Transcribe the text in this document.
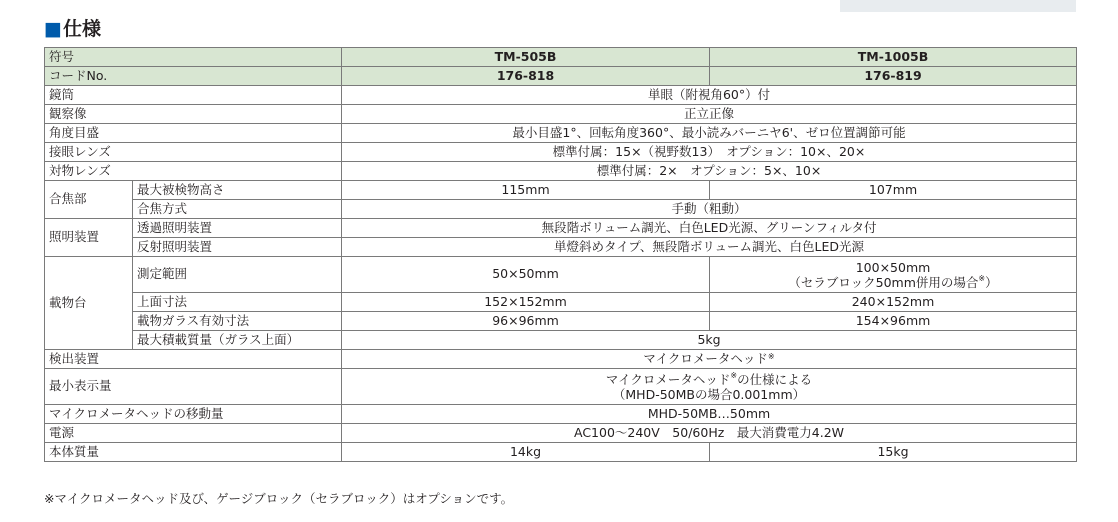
■仕様
符号		TM-505B	TM-1005B
コードNo.		176-818	176-819
鏡筒		単眼（附視角60°）付	
観察像		正立正像	
角度目盛		最小目盛1°、回転角度360°、最小読みバーニヤ6'、ゼロ位置調節可能	
接眼レンズ		標準付属：15×（視野数13）　オプション：10×、20×	
対物レンズ		標準付属：2×　オプション：5×、10×	
合焦部	最大被検物高さ	115mm	107mm
	合焦方式	手動（粗動）	
照明装置	透過照明装置	無段階ボリューム調光、白色LED光源、グリーンフィルタ付	
	反射照明装置	単燈斜めタイプ、無段階ボリューム調光、白色LED光源	
載物台	測定範囲	50×50mm	100×50mm
（セラブロック50mm併用の場合※）

	上面寸法	152×152mm	240×152mm
	載物ガラス有効寸法	96×96mm	154×96mm
	最大積載質量（ガラス上面）	5kg	
検出装置		マイクロメータヘッド※
最小表示量		マイクロメータヘッド※の仕様による
（MHD-50MBの場合0.001mm）	

マイクロメータヘッドの移動量		MHD-50MB…50mm	
電源		AC100〜240V　50/60Hz　最大消費電力4.2W	
本体質量		14kg	15kg
※マイクロメータヘッド及び、ゲージブロック（セラブロック）はオプションです。
